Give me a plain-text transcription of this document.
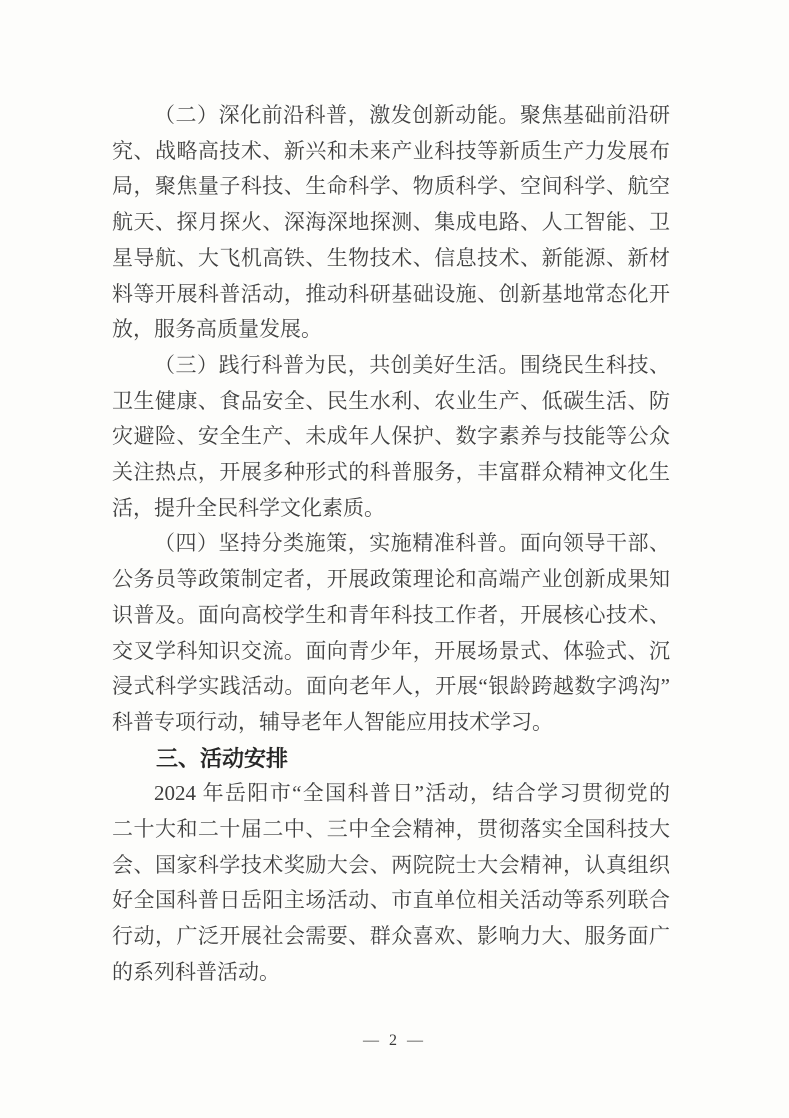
（二）深化前沿科普，激发创新动能。聚焦基础前沿研
究、战略高技术、新兴和未来产业科技等新质生产力发展布
局，聚焦量子科技、生命科学、物质科学、空间科学、航空
航天、探月探火、深海深地探测、集成电路、人工智能、卫
星导航、大飞机高铁、生物技术、信息技术、新能源、新材
料等开展科普活动，推动科研基础设施、创新基地常态化开
放，服务高质量发展。

（三）践行科普为民，共创美好生活。围绕民生科技、
卫生健康、食品安全、民生水利、农业生产、低碳生活、防
灾避险、安全生产、未成年人保护、数字素养与技能等公众
关注热点，开展多种形式的科普服务，丰富群众精神文化生
活，提升全民科学文化素质。

（四）坚持分类施策，实施精准科普。面向领导干部、
公务员等政策制定者，开展政策理论和高端产业创新成果知
识普及。面向高校学生和青年科技工作者，开展核心技术、
交叉学科知识交流。面向青少年，开展场景式、体验式、沉
浸式科学实践活动。面向老年人，开展“银龄跨越数字鸿沟”
科普专项行动，辅导老年人智能应用技术学习。

三、活动安排

2024 年岳阳市“全国科普日”活动，结合学习贯彻党的
二十大和二十届二中、三中全会精神，贯彻落实全国科技大
会、国家科学技术奖励大会、两院院士大会精神，认真组织
好全国科普日岳阳主场活动、市直单位相关活动等系列联合
行动，广泛开展社会需要、群众喜欢、影响力大、服务面广
的系列科普活动。

— 2 —
